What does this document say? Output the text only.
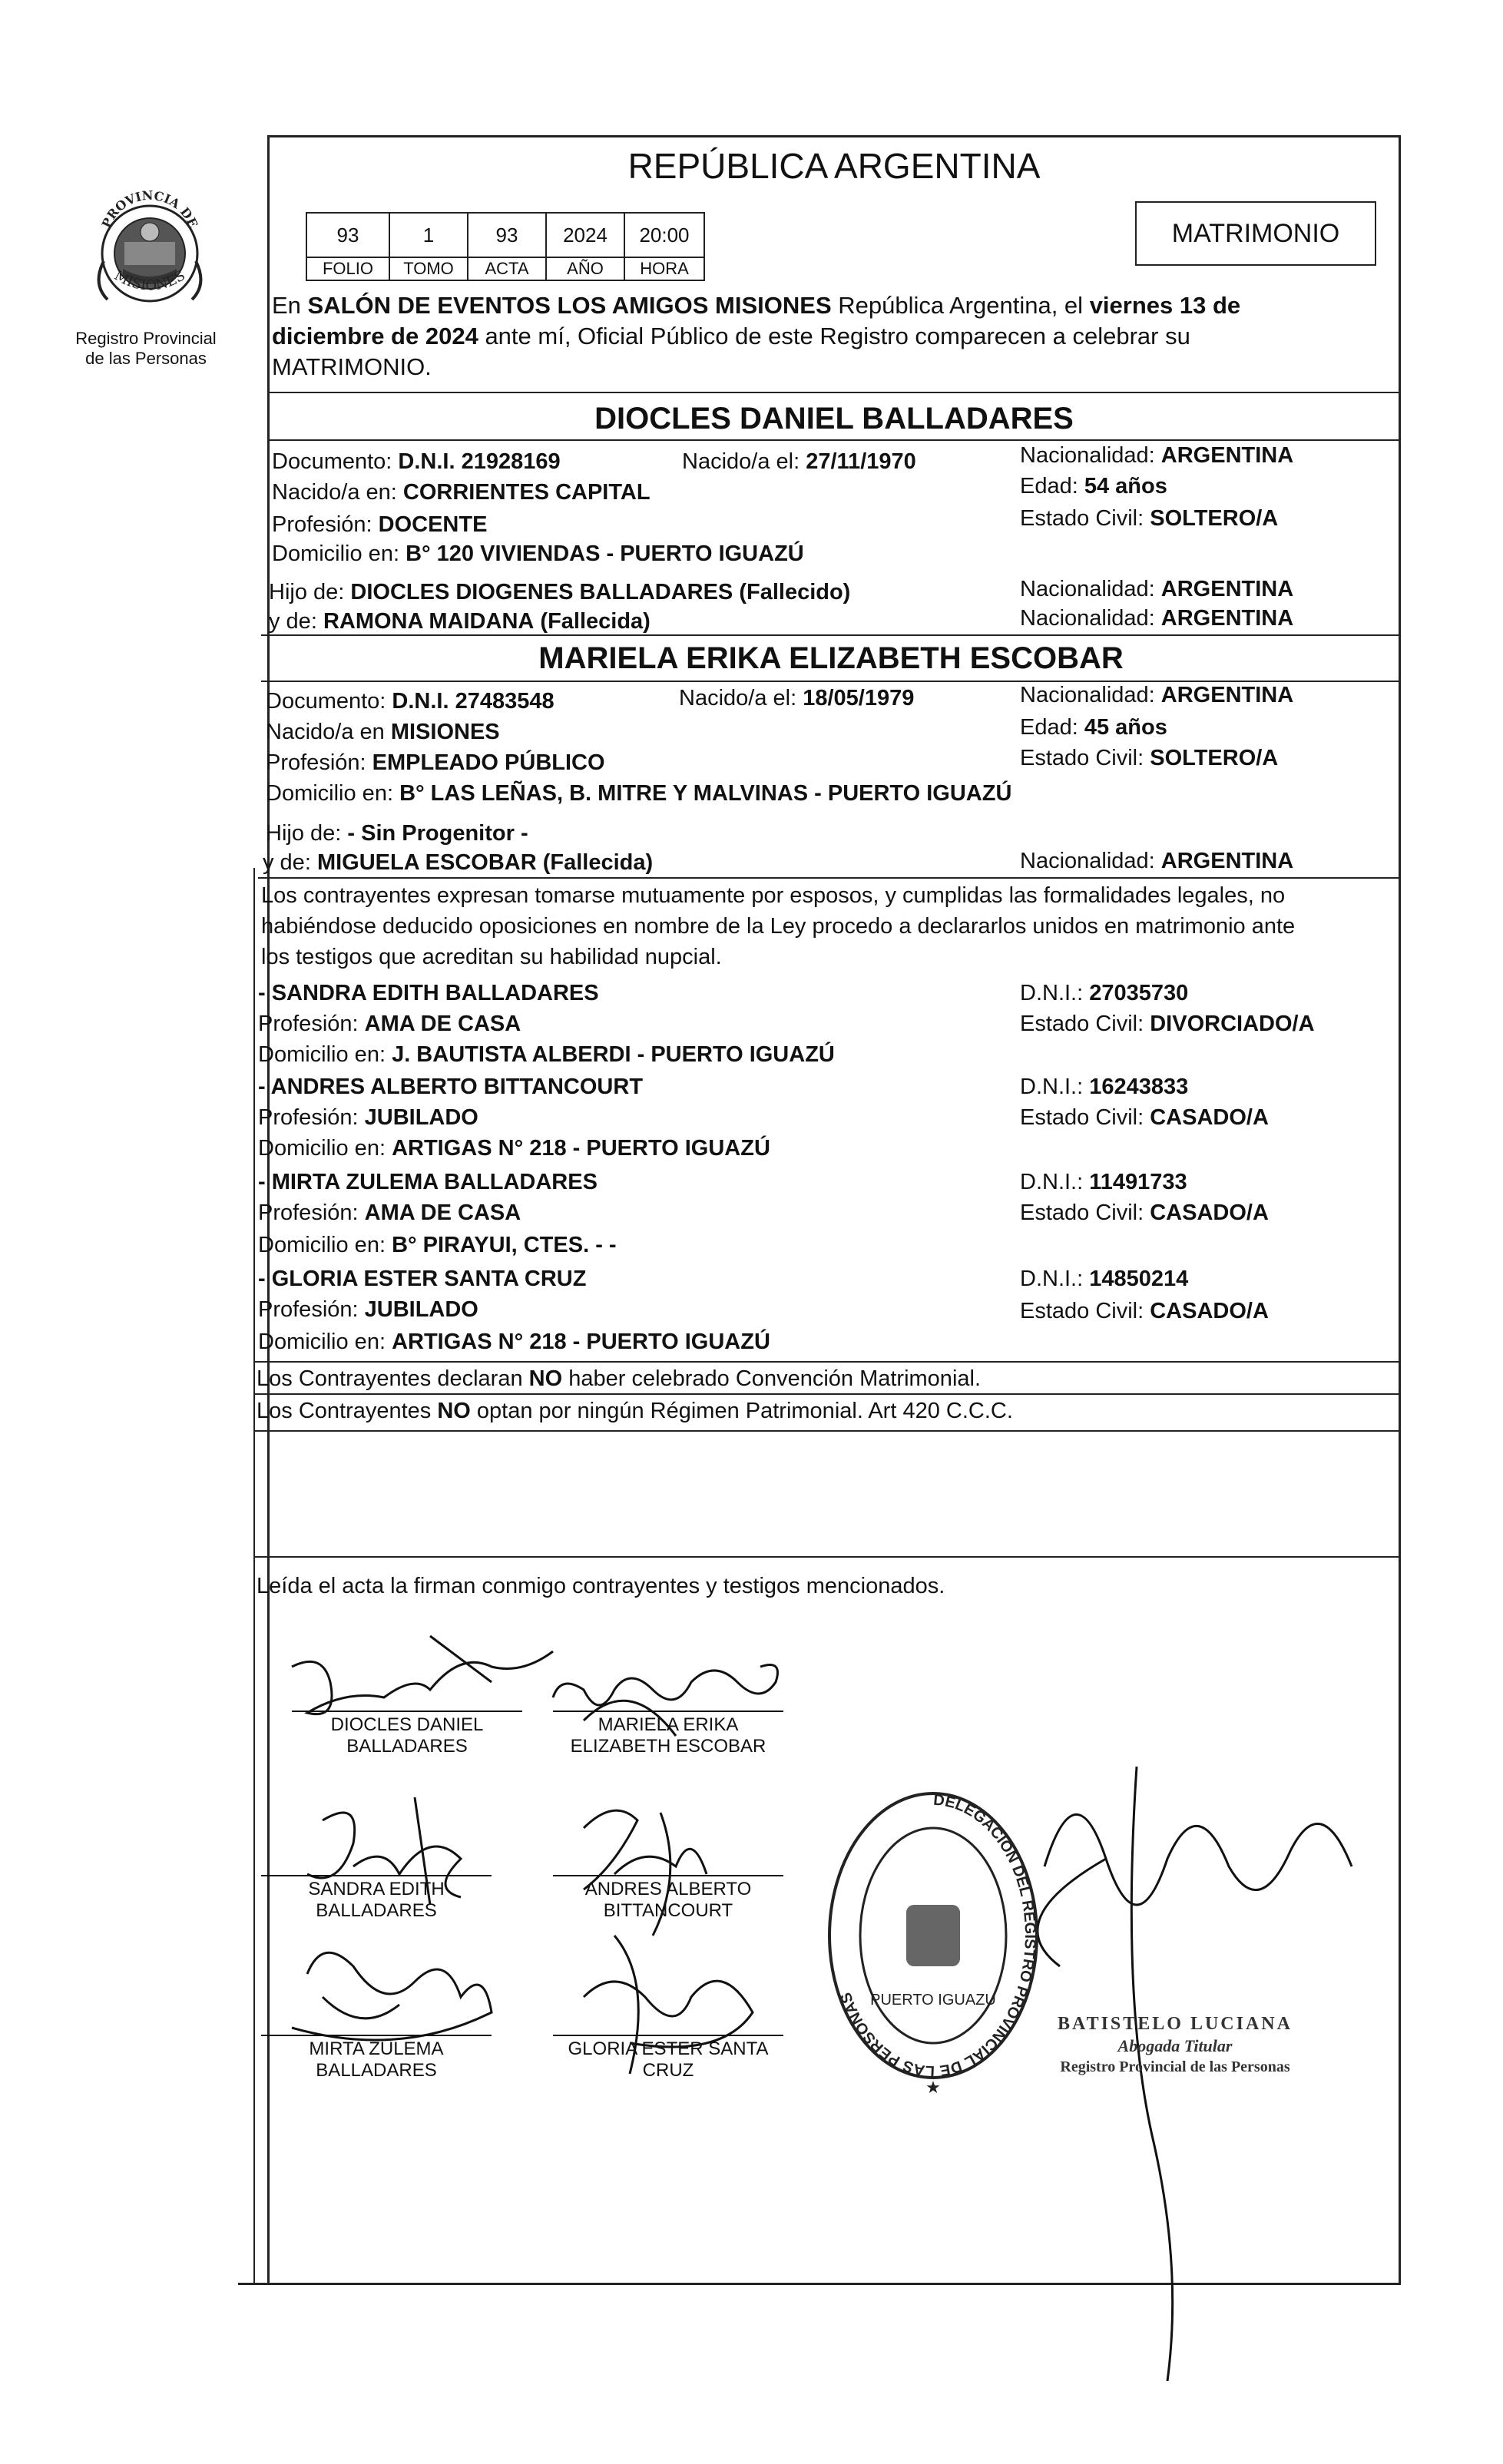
PROVINCIA DE
MISIONES
Registro Provincial
de las Personas
REPÚBLICA ARGENTINA
93	1	93	2024	20:00
FOLIO	TOMO	ACTA	AÑO	HORA
MATRIMONIO
En SALÓN DE EVENTOS LOS AMIGOS MISIONES República Argentina, el viernes 13 de
diciembre de 2024 ante mí, Oficial Público de este Registro comparecen a celebrar su
MATRIMONIO.
DIOCLES DANIEL BALLADARES
Documento: D.N.I. 21928169	Nacido/a el: 27/11/1970	Nacionalidad: ARGENTINA
Nacido/a en: CORRIENTES CAPITAL	Edad: 54 años
Profesión: DOCENTE	Estado Civil: SOLTERO/A
Domicilio en: B° 120 VIVIENDAS - PUERTO IGUAZÚ
Hijo de: DIOCLES DIOGENES BALLADARES (Fallecido)	Nacionalidad: ARGENTINA
y de: RAMONA MAIDANA (Fallecida)	Nacionalidad: ARGENTINA
MARIELA ERIKA ELIZABETH ESCOBAR
Documento: D.N.I. 27483548	Nacido/a el: 18/05/1979	Nacionalidad: ARGENTINA
Nacido/a en MISIONES	Edad: 45 años
Profesión: EMPLEADO PÚBLICO	Estado Civil: SOLTERO/A
Domicilio en: B° LAS LEÑAS, B. MITRE Y MALVINAS - PUERTO IGUAZÚ
Hijo de: - Sin Progenitor -
y de: MIGUELA ESCOBAR (Fallecida)	Nacionalidad: ARGENTINA
Los contrayentes expresan tomarse mutuamente por esposos, y cumplidas las formalidades legales, no
habiéndose deducido oposiciones en nombre de la Ley procedo a declararlos unidos en matrimonio ante
los testigos que acreditan su habilidad nupcial.
- SANDRA EDITH BALLADARES	D.N.I.: 27035730
Profesión: AMA DE CASA	Estado Civil: DIVORCIADO/A
Domicilio en: J. BAUTISTA ALBERDI - PUERTO IGUAZÚ
- ANDRES ALBERTO BITTANCOURT	D.N.I.: 16243833
Profesión: JUBILADO	Estado Civil: CASADO/A
Domicilio en: ARTIGAS N° 218 - PUERTO IGUAZÚ
- MIRTA ZULEMA BALLADARES	D.N.I.: 11491733
Profesión: AMA DE CASA	Estado Civil: CASADO/A
Domicilio en: B° PIRAYUI, CTES. - -
- GLORIA ESTER SANTA CRUZ	D.N.I.: 14850214
Profesión: JUBILADO	Estado Civil: CASADO/A
Domicilio en: ARTIGAS N° 218 - PUERTO IGUAZÚ
Los Contrayentes declaran NO haber celebrado Convención Matrimonial.
Los Contrayentes NO optan por ningún Régimen Patrimonial. Art 420 C.C.C.
Leída el acta la firman conmigo contrayentes y testigos mencionados.
DIOCLES DANIEL
BALLADARES
MARIELA ERIKA
ELIZABETH ESCOBAR
SANDRA EDITH
BALLADARES
ANDRES ALBERTO
BITTANCOURT
MIRTA ZULEMA
BALLADARES
GLORIA ESTER SANTA
CRUZ
DELEGACION DEL REGISTRO PROVINCIAL DE LAS PERSONAS PUERTO IGUAZU
★
BATISTELO LUCIANA
Abogada Titular
Registro Provincial de las Personas
